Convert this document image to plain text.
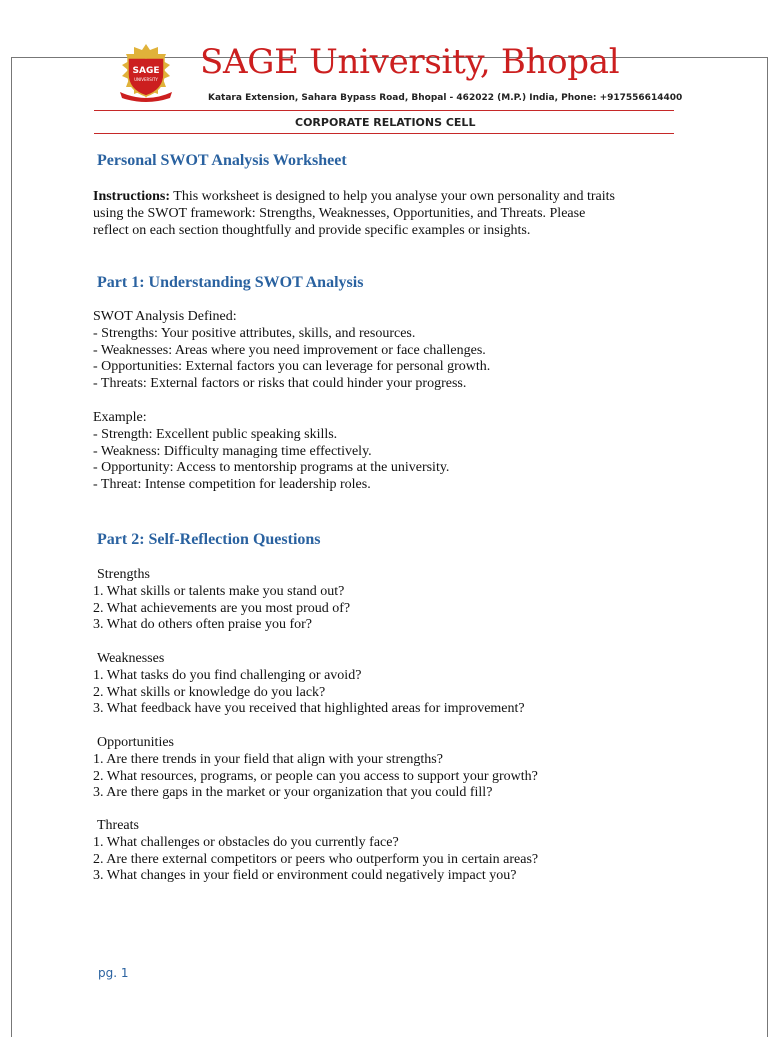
SAGE
UNIVERSITY SAGE University, Bhopal
Katara Extension, Sahara Bypass Road, Bhopal - 462022 (M.P.) India, Phone: +917556614400
CORPORATE RELATIONS CELL
Personal SWOT Analysis Worksheet
Instructions: This worksheet is designed to help you analyse your own personality and traits
using the SWOT framework: Strengths, Weaknesses, Opportunities, and Threats. Please
reflect on each section thoughtfully and provide specific examples or insights.
Part 1: Understanding SWOT Analysis
SWOT Analysis Defined:
- Strengths: Your positive attributes, skills, and resources.
- Weaknesses: Areas where you need improvement or face challenges.
- Opportunities: External factors you can leverage for personal growth.
- Threats: External factors or risks that could hinder your progress.
Example:
- Strength: Excellent public speaking skills.
- Weakness: Difficulty managing time effectively.
- Opportunity: Access to mentorship programs at the university.
- Threat: Intense competition for leadership roles.
Part 2: Self-Reflection Questions
Strengths
1. What skills or talents make you stand out?
2. What achievements are you most proud of?
3. What do others often praise you for?
Weaknesses
1. What tasks do you find challenging or avoid?
2. What skills or knowledge do you lack?
3. What feedback have you received that highlighted areas for improvement?
Opportunities
1. Are there trends in your field that align with your strengths?
2. What resources, programs, or people can you access to support your growth?
3. Are there gaps in the market or your organization that you could fill?
Threats
1. What challenges or obstacles do you currently face?
2. Are there external competitors or peers who outperform you in certain areas?
3. What changes in your field or environment could negatively impact you?
pg. 1
